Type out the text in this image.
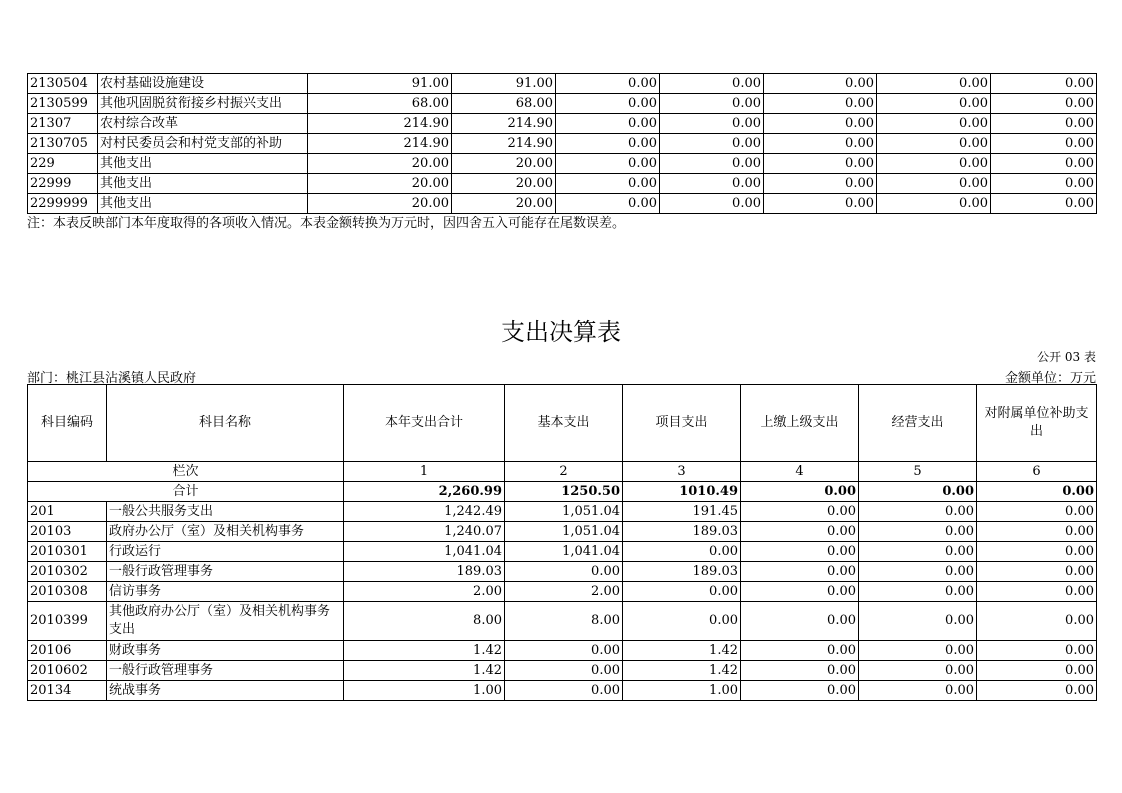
2130504	农村基础设施建设	91.00	91.00	0.00	0.00	0.00	0.00	0.00
2130599	其他巩固脱贫衔接乡村振兴支出	68.00	68.00	0.00	0.00	0.00	0.00	0.00
21307	农村综合改革	214.90	214.90	0.00	0.00	0.00	0.00	0.00
2130705	对村民委员会和村党支部的补助	214.90	214.90	0.00	0.00	0.00	0.00	0.00
229	其他支出	20.00	20.00	0.00	0.00	0.00	0.00	0.00
22999	其他支出	20.00	20.00	0.00	0.00	0.00	0.00	0.00
2299999	其他支出	20.00	20.00	0.00	0.00	0.00	0.00	0.00
注：本表反映部门本年度取得的各项收入情况。本表金额转换为万元时，因四舍五入可能存在尾数误差。
支出决算表
公开 03 表
部门：桃江县沾溪镇人民政府	金额单位：万元
科目编码	科目名称	本年支出合计	基本支出	项目支出	上缴上级支出	经营支出	对附属单位补助支出
栏次		1	2	3	4	5	6
合计		2,260.99	1250.50	1010.49	0.00	0.00	0.00
201	一般公共服务支出	1,242.49	1,051.04	191.45	0.00	0.00	0.00
20103	政府办公厅（室）及相关机构事务	1,240.07	1,051.04	189.03	0.00	0.00	0.00
2010301	行政运行	1,041.04	1,041.04	0.00	0.00	0.00	0.00
2010302	一般行政管理事务	189.03	0.00	189.03	0.00	0.00	0.00
2010308	信访事务	2.00	2.00	0.00	0.00	0.00	0.00
2010399	其他政府办公厅（室）及相关机构事务支出	8.00	8.00	0.00	0.00	0.00	0.00
20106	财政事务	1.42	0.00	1.42	0.00	0.00	0.00
2010602	一般行政管理事务	1.42	0.00	1.42	0.00	0.00	0.00
20134	统战事务	1.00	0.00	1.00	0.00	0.00	0.00
